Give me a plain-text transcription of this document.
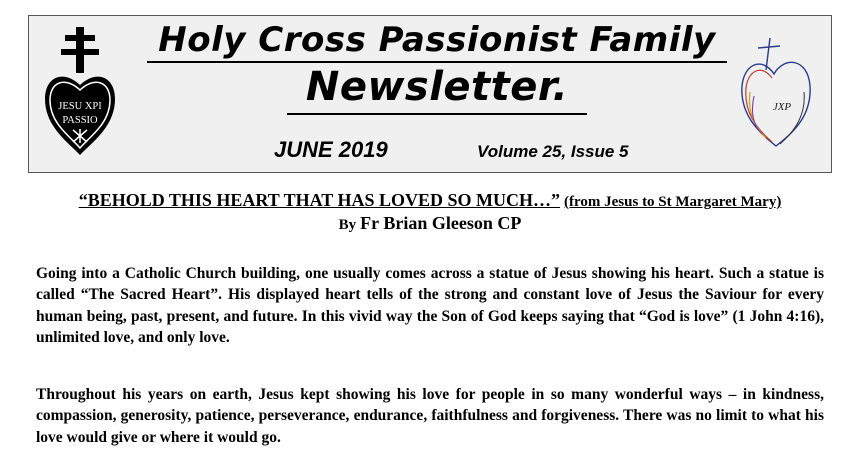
JESU XPI
PASSIO
Holy Cross Passionist Family
Newsletter.
JUNE 2019	Volume 25, Issue 5
JXP
“BEHOLD THIS HEART THAT HAS LOVED SO MUCH…” (from Jesus to St Margaret Mary)
By Fr Brian Gleeson CP

Going into a Catholic Church building, one usually comes across a statue of Jesus showing his heart. Such a statue is called “The Sacred Heart”. His displayed heart tells of the strong and constant love of Jesus the Saviour for every human being, past, present, and future. In this vivid way the Son of God keeps saying that “God is love” (1 John 4:16), unlimited love, and only love.

Throughout his years on earth, Jesus kept showing his love for people in so many wonderful ways – in kindness, compassion, generosity, patience, perseverance, endurance, faithfulness and forgiveness. There was no limit to what his love would give or where it would go.
